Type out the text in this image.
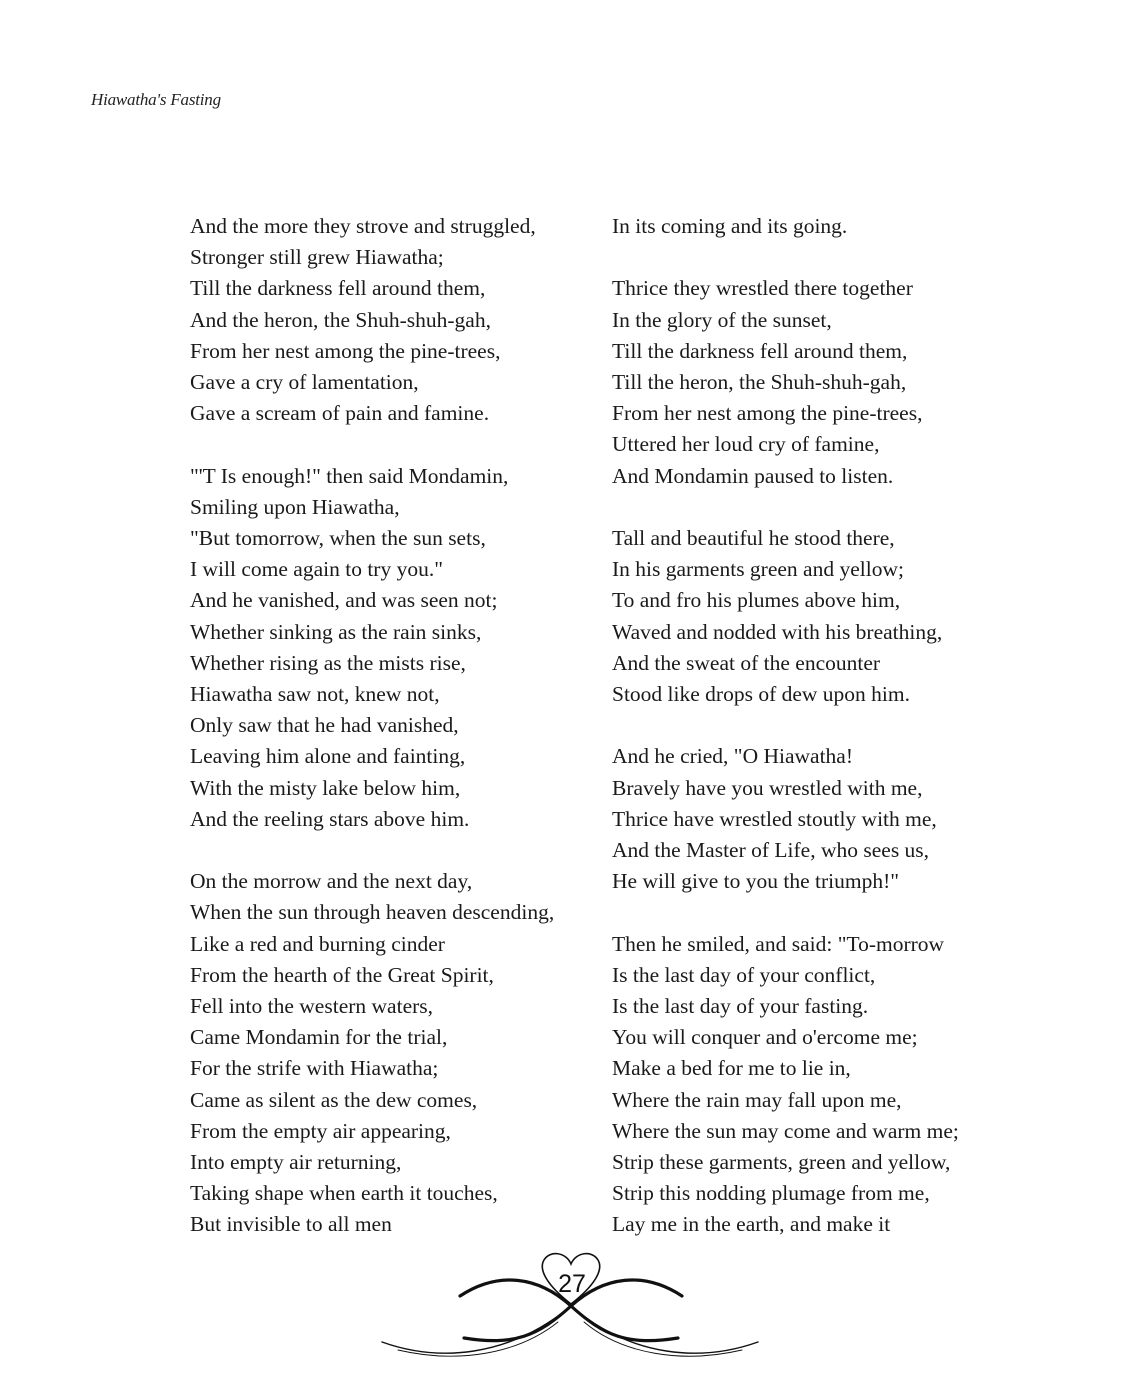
Hiawatha's Fasting
And the more they strove and struggled,
Stronger still grew Hiawatha;
Till the darkness fell around them,
And the heron, the Shuh-shuh-gah,
From her nest among the pine-trees,
Gave a cry of lamentation,
Gave a scream of pain and famine.
"'T Is enough!" then said Mondamin,
Smiling upon Hiawatha,
"But tomorrow, when the sun sets,
I will come again to try you."
And he vanished, and was seen not;
Whether sinking as the rain sinks,
Whether rising as the mists rise,
Hiawatha saw not, knew not,
Only saw that he had vanished,
Leaving him alone and fainting,
With the misty lake below him,
And the reeling stars above him.
On the morrow and the next day,
When the sun through heaven descending,
Like a red and burning cinder
From the hearth of the Great Spirit,
Fell into the western waters,
Came Mondamin for the trial,
For the strife with Hiawatha;
Came as silent as the dew comes,
From the empty air appearing,
Into empty air returning,
Taking shape when earth it touches,
But invisible to all men
In its coming and its going.
Thrice they wrestled there together
In the glory of the sunset,
Till the darkness fell around them,
Till the heron, the Shuh-shuh-gah,
From her nest among the pine-trees,
Uttered her loud cry of famine,
And Mondamin paused to listen.
Tall and beautiful he stood there,
In his garments green and yellow;
To and fro his plumes above him,
Waved and nodded with his breathing,
And the sweat of the encounter
Stood like drops of dew upon him.
And he cried, "O Hiawatha!
Bravely have you wrestled with me,
Thrice have wrestled stoutly with me,
And the Master of Life, who sees us,
He will give to you the triumph!"
Then he smiled, and said: "To-morrow
Is the last day of your conflict,
Is the last day of your fasting.
You will conquer and o'ercome me;
Make a bed for me to lie in,
Where the rain may fall upon me,
Where the sun may come and warm me;
Strip these garments, green and yellow,
Strip this nodding plumage from me,
Lay me in the earth, and make it
27
